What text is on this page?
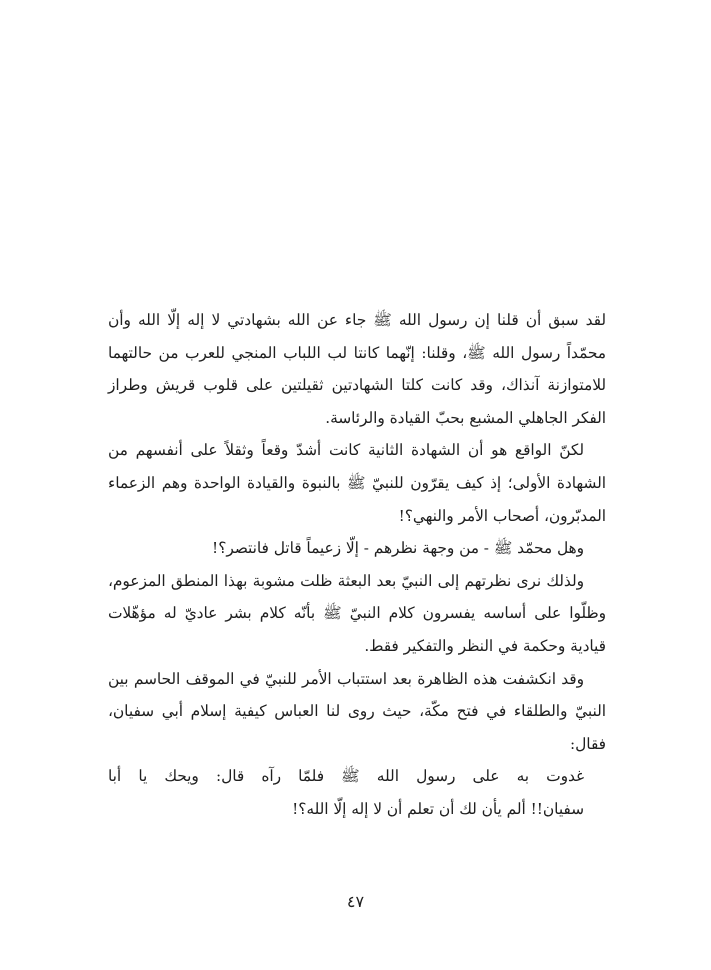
لقد سبق أن قلنا إن رسول الله ﷺ جاء عن الله بشهادتي لا إله إلّا الله وأن
محمّداً رسول الله ﷺ، وقلنا: إنّهما كانتا لب اللباب المنجي للعرب من حالتهما
للامتوازنة آنذاك، وقد كانت كلتا الشهادتين ثقيلتين على قلوب قريش وطراز
الفكر الجاهلي المشبع بحبّ القيادة والرئاسة.
لكنّ الواقع هو أن الشهادة الثانية كانت أشدّ وقعاً وثقلاً على أنفسهم من
الشهادة الأولى؛ إذ كيف يقرّون للنبيّ ﷺ بالنبوة والقيادة الواحدة وهم الزعماء
المدبّرون، أصحاب الأمر والنهي؟!
وهل محمّد ﷺ - من وجهة نظرهم - إلّا زعيماً قاتل فانتصر؟!
ولذلك نرى نظرتهم إلى النبيّ بعد البعثة ظلت مشوبة بهذا المنطق المزعوم،
وظلّوا على أساسه يفسرون كلام النبيّ ﷺ بأنّه كلام بشر عاديّ له مؤهّلات
قيادية وحكمة في النظر والتفكير فقط.
وقد انكشفت هذه الظاهرة بعد استتباب الأمر للنبيّ في الموقف الحاسم بين
النبيّ والطلقاء في فتح مكّة، حيث روى لنا العباس كيفية إسلام أبي سفيان،
فقال:
غدوت به على رسول الله ﷺ فلمّا رآه قال: ويحك يا أبا
سفيان!! ألم يأن لك أن تعلم أن لا إله إلّا الله؟!
٤٧
